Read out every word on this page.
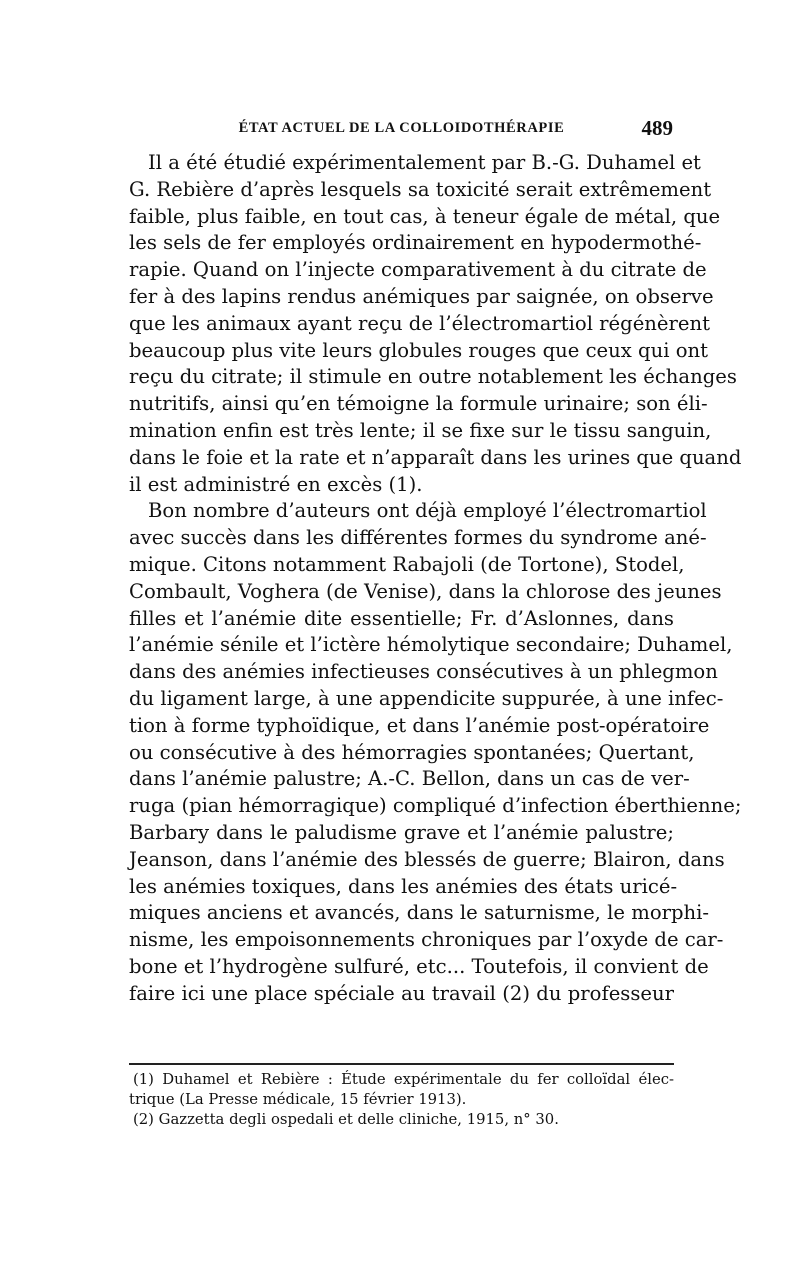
ÉTAT ACTUEL DE LA COLLOIDOTHÉRAPIE	489
Il a été étudié expérimentalement par B.-G. Duhamel et
G. Rebière d’après lesquels sa toxicité serait extrêmement
faible, plus faible, en tout cas, à teneur égale de métal, que
les sels de fer employés ordinairement en hypodermothé-
rapie. Quand on l’injecte comparativement à du citrate de
fer à des lapins rendus anémiques par saignée, on observe
que les animaux ayant reçu de l’électromartiol régénèrent
beaucoup plus vite leurs globules rouges que ceux qui ont
reçu du citrate; il stimule en outre notablement les échanges
nutritifs, ainsi qu’en témoigne la formule urinaire; son éli-
mination enfin est très lente; il se fixe sur le tissu sanguin,
dans le foie et la rate et n’apparaît dans les urines que quand
il est administré en excès (1).
Bon nombre d’auteurs ont déjà employé l’électromartiol
avec succès dans les différentes formes du syndrome ané-
mique. Citons notamment Rabajoli (de Tortone), Stodel,
Combault, Voghera (de Venise), dans la chlorose des jeunes
filles et l’anémie dite essentielle; Fr. d’Aslonnes, dans
l’anémie sénile et l’ictère hémolytique secondaire; Duhamel,
dans des anémies infectieuses consécutives à un phlegmon
du ligament large, à une appendicite suppurée, à une infec-
tion à forme typhoïdique, et dans l’anémie post-opératoire
ou consécutive à des hémorragies spontanées; Quertant,
dans l’anémie palustre; A.-C. Bellon, dans un cas de ver-
ruga (pian hémorragique) compliqué d’infection éberthienne;
Barbary dans le paludisme grave et l’anémie palustre;
Jeanson, dans l’anémie des blessés de guerre; Blairon, dans
les anémies toxiques, dans les anémies des états uricé-
miques anciens et avancés, dans le saturnisme, le morphi-
nisme, les empoisonnements chroniques par l’oxyde de car-
bone et l’hydrogène sulfuré, etc... Toutefois, il convient de
faire ici une place spéciale au travail (2) du professeur
(1) Duhamel et Rebière : Étude expérimentale du fer colloïdal élec-
trique (La Presse médicale, 15 février 1913).
(2) Gazzetta degli ospedali et delle cliniche, 1915, n° 30.
